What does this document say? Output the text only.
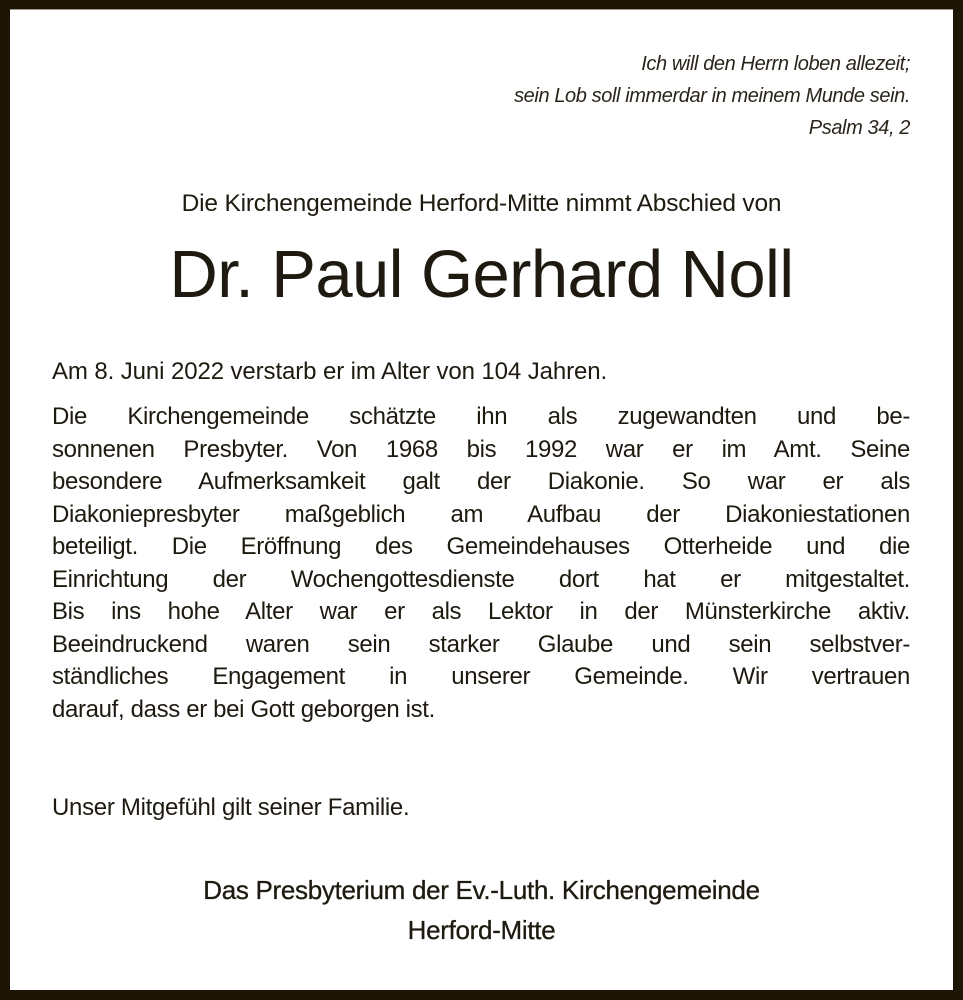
Ich will den Herrn loben allezeit;
sein Lob soll immerdar in meinem Munde sein.
Psalm 34, 2
Die Kirchengemeinde Herford-Mitte nimmt Abschied von
Dr. Paul Gerhard Noll
Am 8. Juni 2022 verstarb er im Alter von 104 Jahren.
Die Kirchengemeinde schätzte ihn als zugewandten und be-
sonnenen Presbyter. Von 1968 bis 1992 war er im Amt. Seine
besondere Aufmerksamkeit galt der Diakonie. So war er als
Diakoniepresbyter maßgeblich am Aufbau der Diakoniestationen
beteiligt. Die Eröffnung des Gemeindehauses Otterheide und die
Einrichtung der Wochengottesdienste dort hat er mitgestaltet.
Bis ins hohe Alter war er als Lektor in der Münsterkirche aktiv.
Beeindruckend waren sein starker Glaube und sein selbstver-
ständliches Engagement in unserer Gemeinde. Wir vertrauen
darauf, dass er bei Gott geborgen ist.
Unser Mitgefühl gilt seiner Familie.
Das Presbyterium der Ev.-Luth. Kirchengemeinde
Herford-Mitte
